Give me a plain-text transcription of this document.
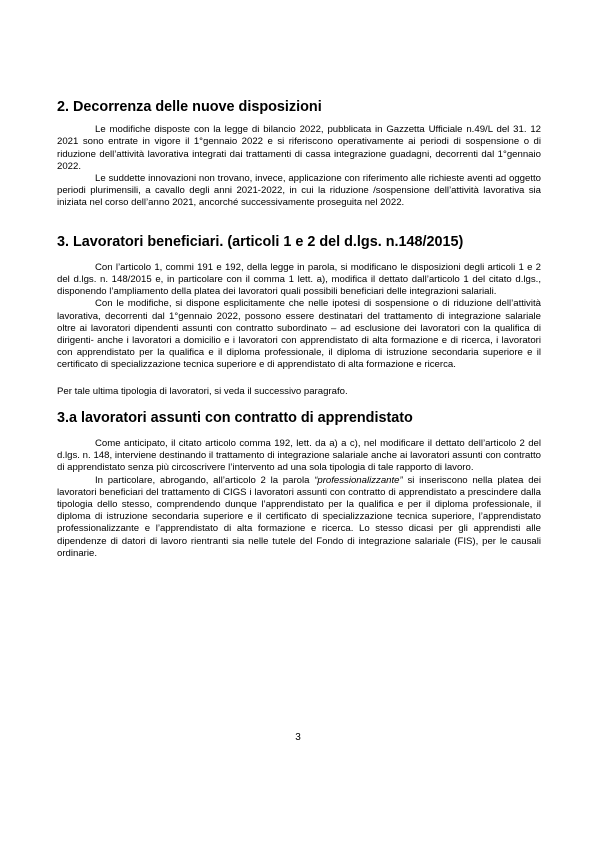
2. Decorrenza delle nuove disposizioni

Le modifiche disposte con la legge di bilancio 2022, pubblicata in Gazzetta Ufficiale n.49/L del 31. 12 2021 sono entrate in vigore il 1°gennaio 2022 e si riferiscono operativamente ai periodi di sospensione o di riduzione dell’attività lavorativa integrati dai trattamenti di cassa integrazione guadagni, decorrenti dal 1°gennaio 2022.

Le suddette innovazioni non trovano, invece, applicazione con riferimento alle richieste aventi ad oggetto periodi plurimensili, a cavallo degli anni 2021-2022, in cui la riduzione /sospensione dell’attività lavorativa sia iniziata nel corso dell’anno 2021, ancorché successivamente proseguita nel 2022.

3. Lavoratori beneficiari. (articoli 1 e 2 del d.lgs. n.148/2015)

Con l’articolo 1, commi 191 e 192, della legge in parola, si modificano le disposizioni degli articoli 1 e 2 del d.lgs. n. 148/2015 e, in particolare con il comma 1 lett. a), modifica il dettato dall’articolo 1 del citato d.lgs., disponendo l’ampliamento della platea dei lavoratori quali possibili beneficiari delle integrazioni salariali.

Con le modifiche, si dispone esplicitamente che nelle ipotesi di sospensione o di riduzione dell’attività lavorativa, decorrenti dal 1°gennaio 2022, possono essere destinatari del trattamento di integrazione salariale oltre ai lavoratori dipendenti assunti con contratto subordinato – ad esclusione dei lavoratori con la qualifica di dirigenti- anche i lavoratori a domicilio e i lavoratori con apprendistato di alta formazione e di ricerca, i lavoratori con apprendistato per la qualifica e il diploma professionale, il diploma di istruzione secondaria superiore e il certificato di specializzazione tecnica superiore e di apprendistato di alta formazione e ricerca.

Per tale ultima tipologia di lavoratori, si veda il successivo paragrafo.

3.a lavoratori assunti con contratto di apprendistato

Come anticipato, il citato articolo comma 192, lett. da a) a c), nel modificare il dettato dell’articolo 2 del d.lgs. n. 148, interviene destinando il trattamento di integrazione salariale anche ai lavoratori assunti con contratto di apprendistato senza più circoscrivere l’intervento ad una sola tipologia di tale rapporto di lavoro.

In particolare, abrogando, all’articolo 2 la parola “professionalizzante” si inseriscono nella platea dei lavoratori beneficiari del trattamento di CIGS i lavoratori assunti con contratto di apprendistato a prescindere dalla tipologia dello stesso, comprendendo dunque l’apprendistato per la qualifica e per il diploma professionale, il diploma di istruzione secondaria superiore e il certificato di specializzazione tecnica superiore, l’apprendistato professionalizzante e l’apprendistato di alta formazione e ricerca. Lo stesso dicasi per gli apprendisti alle dipendenze di datori di lavoro rientranti sia nelle tutele del Fondo di integrazione salariale (FIS), per le causali ordinarie.

3
